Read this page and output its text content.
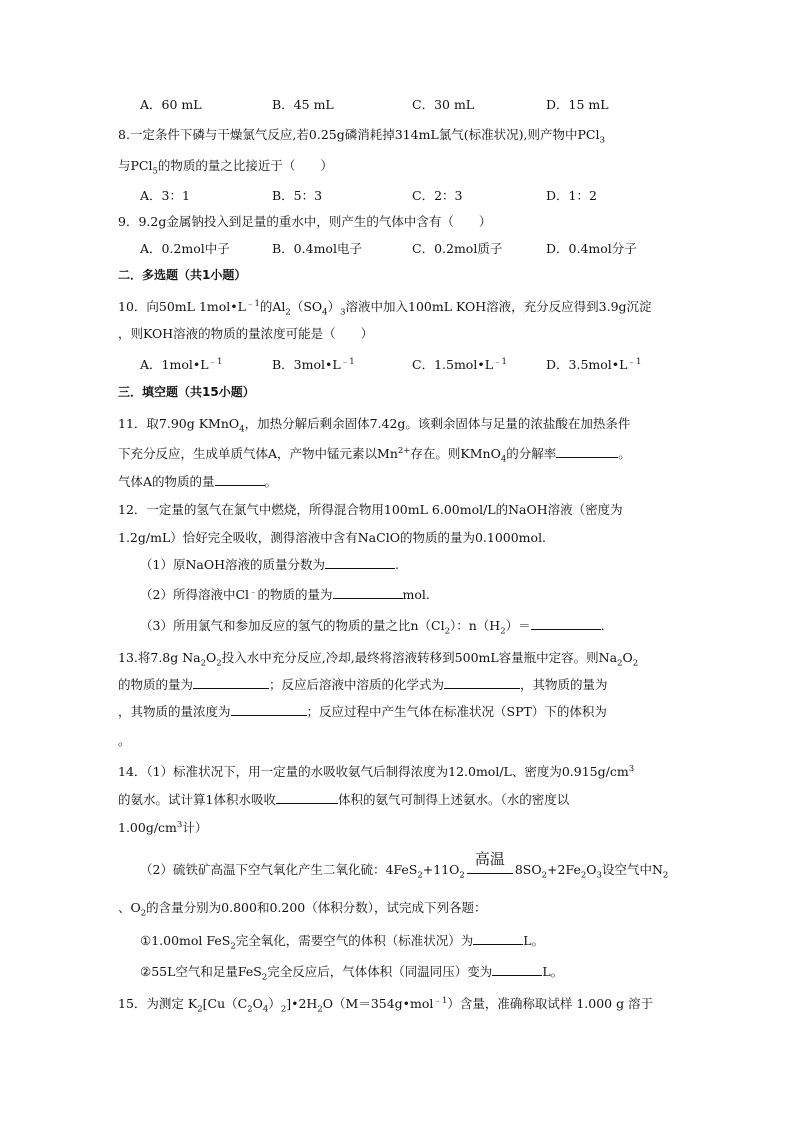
A．60 mL	B．45 mL	C．30 mL	D．15 mL
8.一定条件下磷与干燥氯气反应,若0.25g磷消耗掉314mL氯气(标准状况),则产物中PCl$_3$
与PCl$_5$的物质的量之比接近于（　　）
A．3：1	B．5：3	C．2：3	D．1：2
9．9.2g金属钠投入到足量的重水中，则产生的气体中含有（　　）
A．0.2mol中子	B．0.4mol电子	C．0.2mol质子	D．0.4mol分子
二．多选题（共1小题）
10．向50mL $1mol•L^{﹣1}$的$Al_2(SO_4)_3$溶液中加入100mL KOH溶液，充分反应得到3.9g沉淀
，则KOH溶液的物质的量浓度可能是（　　）
A．$1mol•L^{﹣1}$	B．$3mol•L^{﹣1}$	C．$1.5mol•L^{﹣1}$	D．$3.5mol•L^{﹣1}$
三．填空题（共15小题）
11．取7.90g KMnO$_4$，加热分解后剩余固体7.42g。该剩余固体与足量的浓盐酸在加热条件
下充分反应，生成单质气体A，产物中锰元素以$Mn^{2+}$存在。则KMnO$_4$的分解率	。
气体A的物质的量	。
12．一定量的氢气在氯气中燃烧，所得混合物用100mL 6.00mol/L的NaOH溶液（密度为
1.2g/mL）恰好完全吸收，测得溶液中含有NaClO的物质的量为0.1000mol.
（1）原NaOH溶液的质量分数为	.
（2）所得溶液中Cl﹣的物质的量为	mol.
（3）所用氯气和参加反应的氢气的物质的量之比$n(Cl_2)$：$n(H_2)=$	.
13.将7.8g $Na_2O_2$投入水中充分反应,冷却,最终将溶液转移到500mL容量瓶中定容。则$Na_2O_2$
的物质的量为	；反应后溶液中溶质的化学式为	，其物质的量为
，其物质的量浓度为	；反应过程中产生气体在标准状况（SPT）下的体积为
。
14．（1）标准状况下，用一定量的水吸收氨气后制得浓度为12.0mol/L、密度为$0.915g/cm^3$
的氨水。试计算1体积水吸收	体积的氨气可制得上述氨水。（水的密度以
$1.00g/cm^3$计）
（2）硫铁矿高温下空气氧化产生二氧化硫：$4FeS_2+11O_2$
高温
$8SO_2+2Fe_2O_3$设空气中$N_2$
、$O_2$的含量分别为0.800和0.200（体积分数），试完成下列各题：
①1.00mol FeS$_2$完全氧化，需要空气的体积（标准状况）为	L。
②55L空气和足量FeS$_2$完全反应后，气体体积（同温同压）变为	L。
15．为测定 $K_2[Cu(C_2O_4)_2]•2H_2O(M=354g•mol^{﹣1})$含量，准确称取试样 1.000 g 溶于
